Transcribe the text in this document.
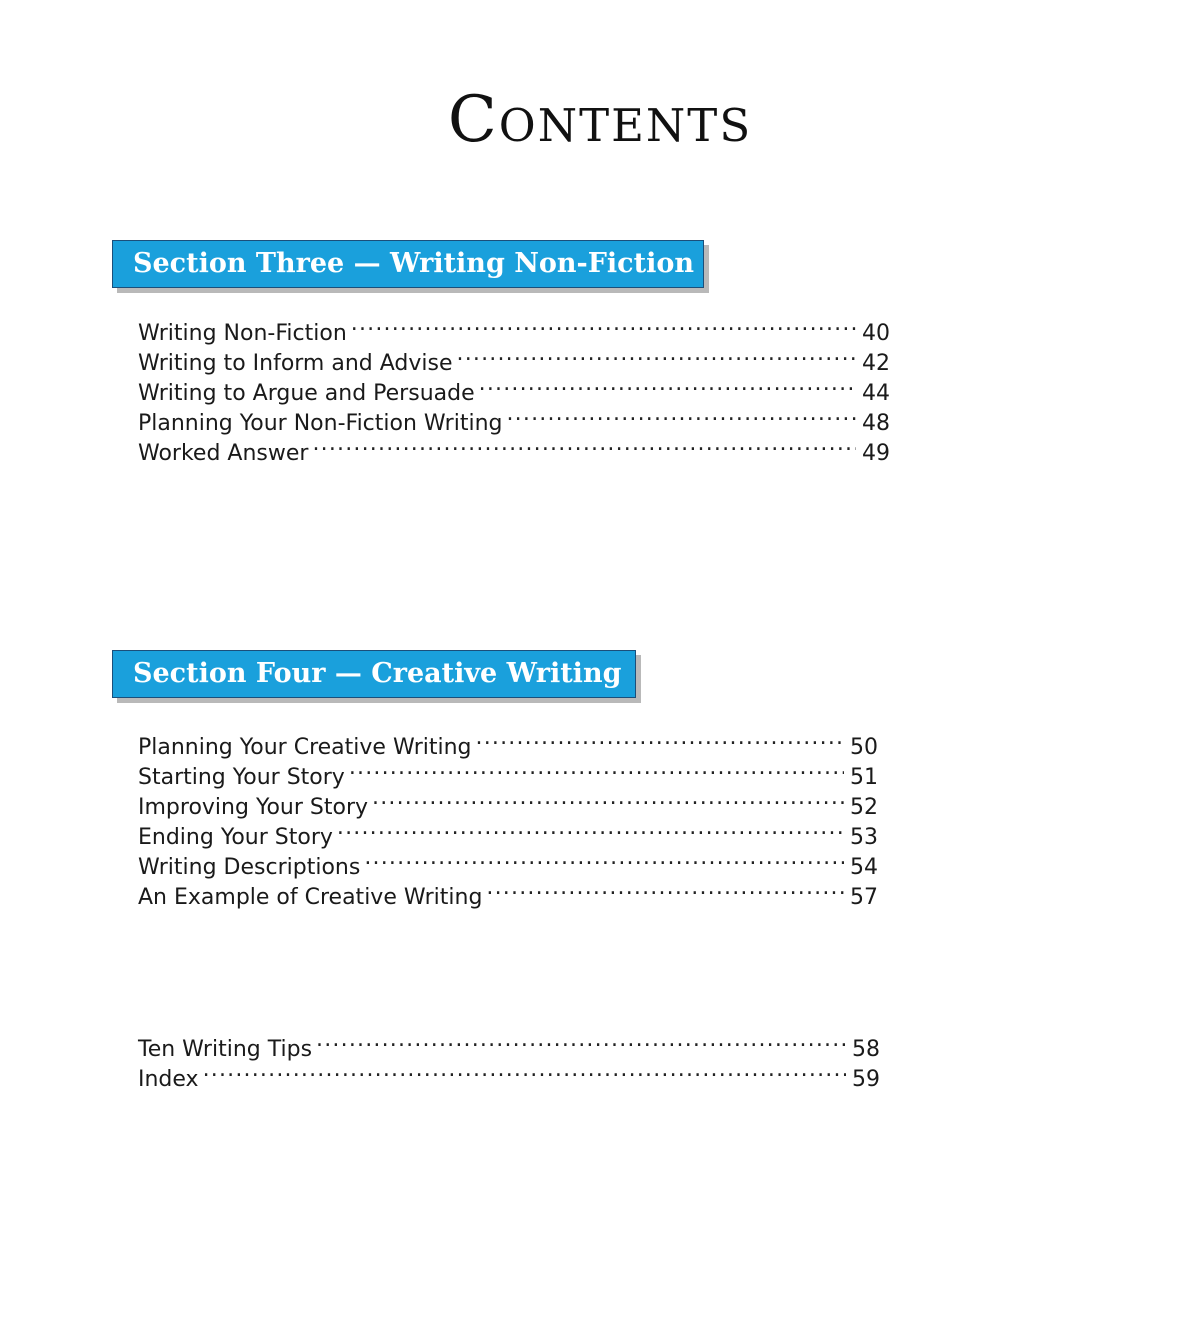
Contents
Section Three — Writing Non-Fiction
Writing Non-Fiction .....	40
Writing to Inform and Advise .....	42
Writing to Argue and Persuade .....	44
Planning Your Non-Fiction Writing .....	48
Worked Answer .....	49
Section Four — Creative Writing
Planning Your Creative Writing .....	50
Starting Your Story .....	51
Improving Your Story .....	52
Ending Your Story .....	53
Writing Descriptions .....	54
An Example of Creative Writing .....	57
Ten Writing Tips .....	58
Index .....	59
